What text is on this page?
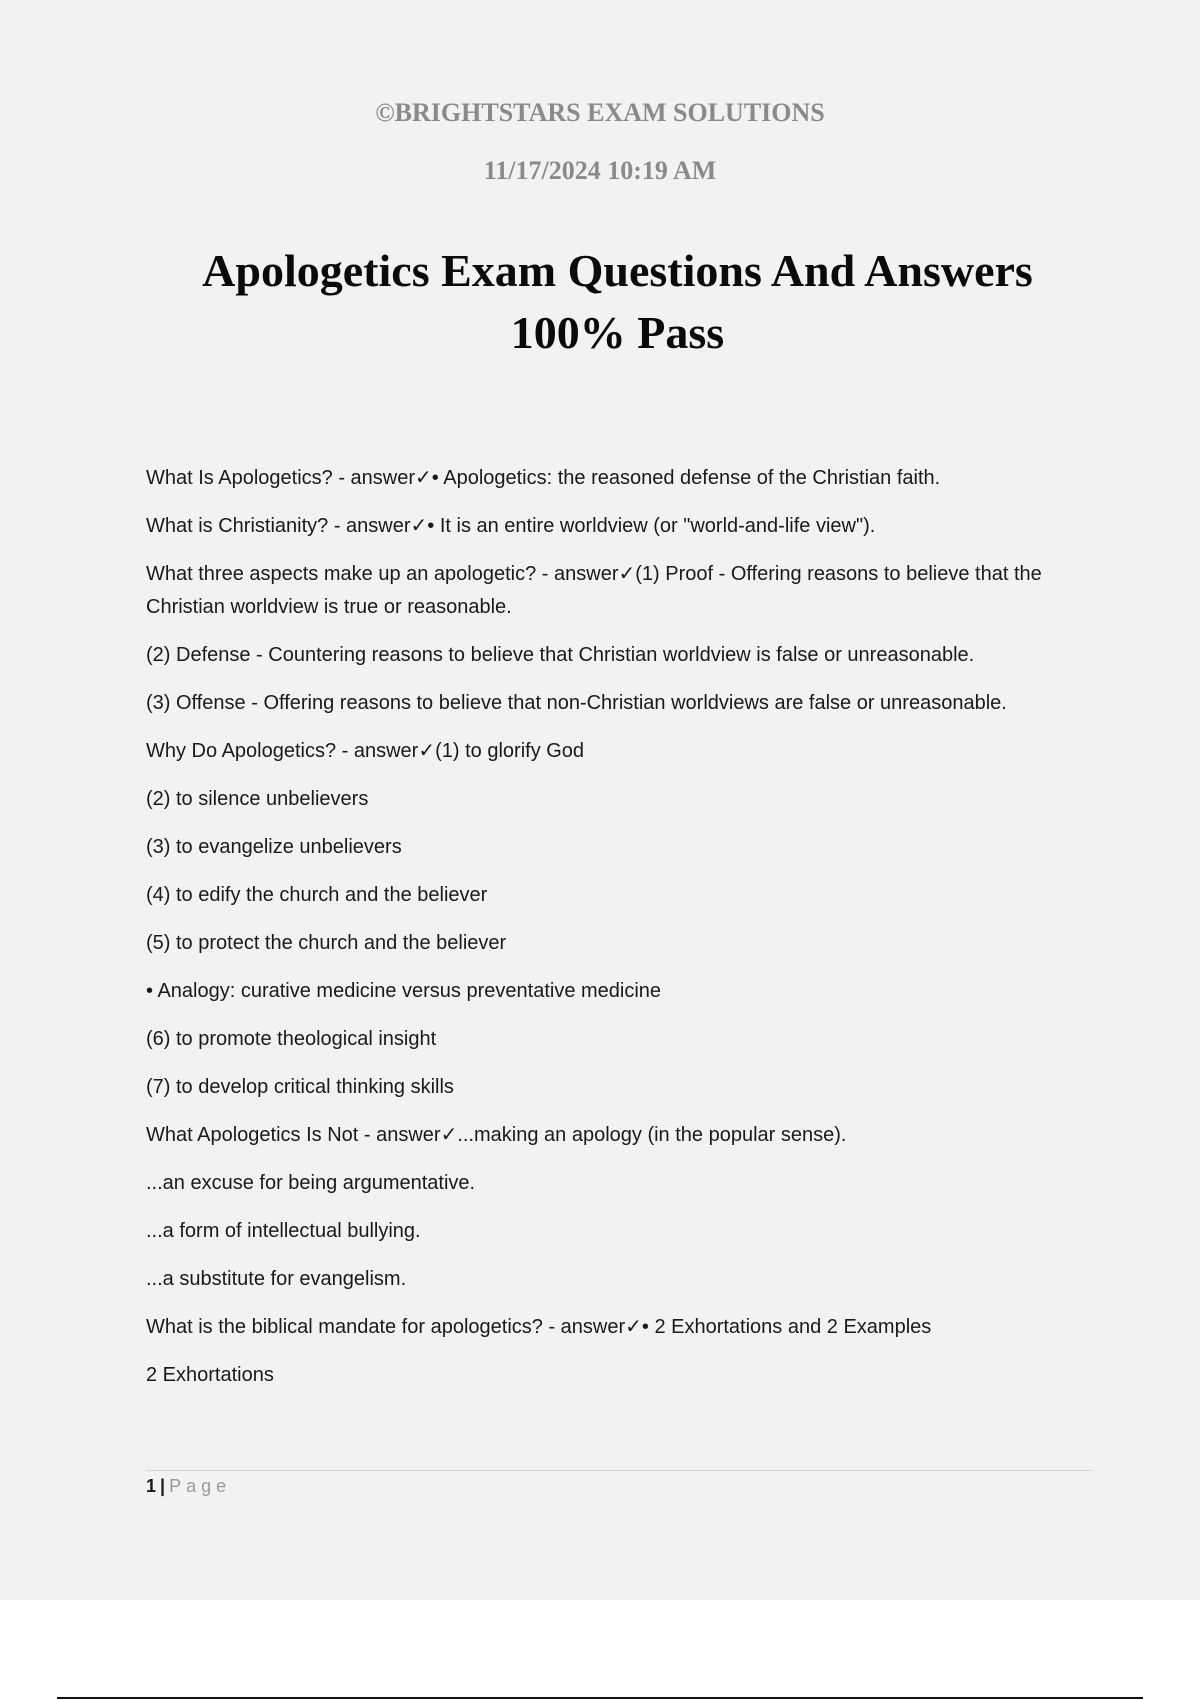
©BRIGHTSTARS EXAM SOLUTIONS

11/17/2024 10:19 AM

Apologetics Exam Questions And Answers
100% Pass

What Is Apologetics? - answer✓• Apologetics: the reasoned defense of the Christian faith.

What is Christianity? - answer✓• It is an entire worldview (or "world-and-life view").

What three aspects make up an apologetic? - answer✓(1) Proof - Offering reasons to believe that the Christian worldview is true or reasonable.

(2) Defense - Countering reasons to believe that Christian worldview is false or unreasonable.

(3) Offense - Offering reasons to believe that non-Christian worldviews are false or unreasonable.

Why Do Apologetics? - answer✓(1) to glorify God

(2) to silence unbelievers

(3) to evangelize unbelievers

(4) to edify the church and the believer

(5) to protect the church and the believer

• Analogy: curative medicine versus preventative medicine

(6) to promote theological insight

(7) to develop critical thinking skills

What Apologetics Is Not - answer✓...making an apology (in the popular sense).

...an excuse for being argumentative.

...a form of intellectual bullying.

...a substitute for evangelism.

What is the biblical mandate for apologetics? - answer✓• 2 Exhortations and 2 Examples

2 Exhortations

1 | Page
